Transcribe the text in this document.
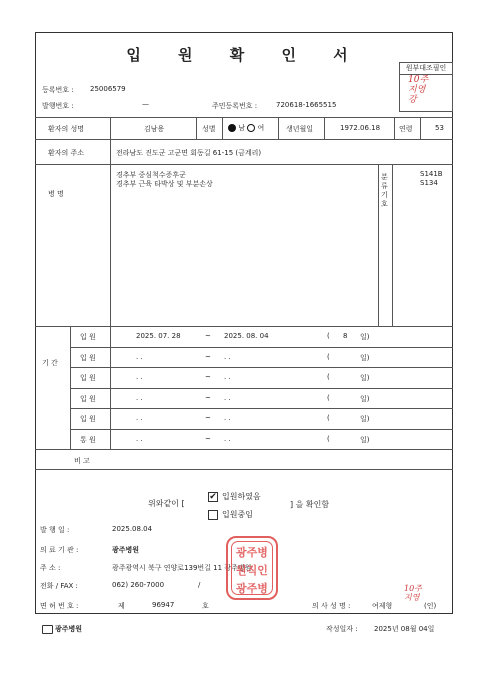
입 원 확 인 서
원부대조필인
10주
지영
강
등록번호 : 25006579
발행번호 :	—	주민등록번호 :	720618-1665515
환자의 성명	김남용	성별	남 여	생년월일	1972.06.18	연령	53
환자의 주소	전라남도 진도군 고군면 회동길 61-15 (금계리)
병 명
경추부 중심척수증후군
경추부 근육 타박상 및 부분손상
분류기호
S141B
S134
기 간
입 원	2025. 07. 28	~ 2025. 08. 04	( 8 일)
입 원	. .	~ . .	(	일)
입 원	. .	~ . .	(	일)
입 원	. .	~ . .	(	일)
입 원	. .	~ . .	(	일)
통 원	. .	~ . .	(	일)
비 고
위와같이 [
✔ 입원하였음
입원중임
] 을 확인함
발 행 일 :	2025.08.04
의 료 기 관 :	광주병원
주 소 :	광주광역시 북구 연양로139번길 11 광주병원
전화 / FAX :	062) 260-7000	/
면 허 번 호 :	제	96947	호	의 사 성 명 :	여제형	(인)
10주
지영
광주병
원직인
광주병
광주병원	작성일자 : 2025년 08월 04일
